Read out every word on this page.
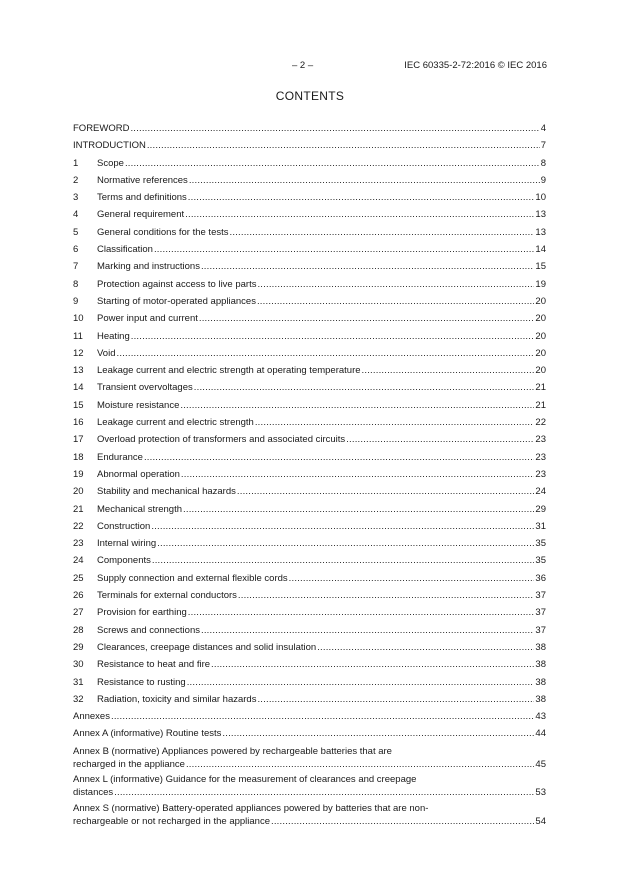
– 2 –	IEC 60335-2-72:2016 © IEC 2016
CONTENTS
FOREWORD .....	4
INTRODUCTION .....	7
1	Scope .....	8
2	Normative references .....	9
3	Terms and definitions .....	10
4	General requirement .....	13
5	General conditions for the tests .....	13
6	Classification .....	14
7	Marking and instructions .....	15
8	Protection against access to live parts .....	19
9	Starting of motor-operated appliances .....	20
10	Power input and current .....	20
11	Heating .....	20
12	Void .....	20
13	Leakage current and electric strength at operating temperature .....	20
14	Transient overvoltages .....	21
15	Moisture resistance .....	21
16	Leakage current and electric strength .....	22
17	Overload protection of transformers and associated circuits .....	23
18	Endurance .....	23
19	Abnormal operation .....	23
20	Stability and mechanical hazards .....	24
21	Mechanical strength .....	29
22	Construction .....	31
23	Internal wiring .....	35
24	Components .....	35
25	Supply connection and external flexible cords .....	36
26	Terminals for external conductors .....	37
27	Provision for earthing .....	37
28	Screws and connections .....	37
29	Clearances, creepage distances and solid insulation .....	38
30	Resistance to heat and fire .....	38
31	Resistance to rusting .....	38
32	Radiation, toxicity and similar hazards .....	38
Annexes .....	43
Annex A (informative) Routine tests .....	44
Annex B (normative) Appliances powered by rechargeable batteries that are
recharged in the appliance .....	45
Annex L (informative) Guidance for the measurement of clearances and creepage
distances .....	53
Annex S (normative) Battery-operated appliances powered by batteries that are non-
rechargeable or not recharged in the appliance .....	54
